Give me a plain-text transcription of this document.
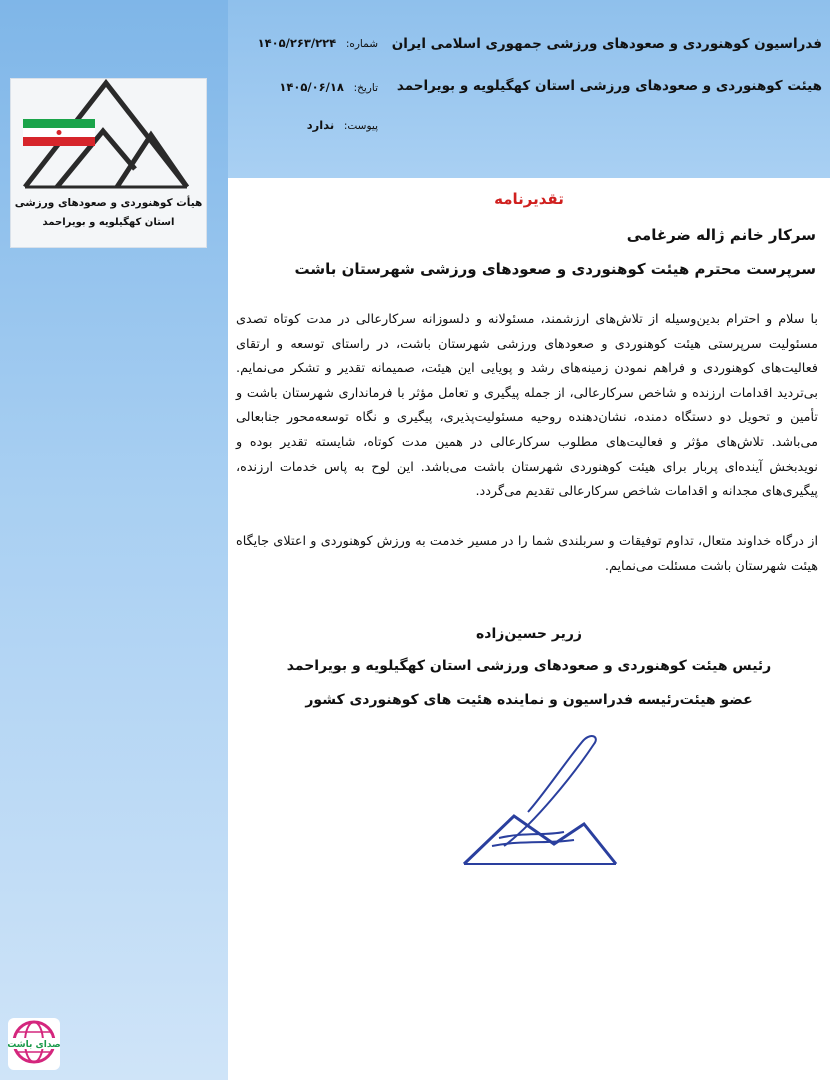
هیأت کوهنوردی و صعودهای ورزشی
استان کهگیلویه و بویراحمد
صدای باشت
فدراسیون کوهنوردی و صعودهای ورزشی جمهوری اسلامی ایران
هیئت کوهنوردی و صعودهای ورزشی استان کهگیلویه و بویراحمد
شماره: ۱۴۰۵/۲۶۳/۲۲۴
تاریخ: ۱۴۰۵/۰۶/۱۸
پیوست: ندارد
تقدیرنامه
سرکار خانم ژاله ضرغامی
سرپرست محترم هیئت کوهنوردی و صعودهای ورزشی شهرستان باشت
با سلام و احترام بدین‌وسیله از تلاش‌های ارزشمند، مسئولانه و دلسوزانه سرکارعالی در مدت کوتاه تصدی مسئولیت سرپرستی هیئت کوهنوردی و صعودهای ورزشی شهرستان باشت، در راستای توسعه و ارتقای فعالیت‌های کوهنوردی و فراهم نمودن زمینه‌های رشد و پویایی این هیئت، صمیمانه تقدیر و تشکر می‌نمایم. بی‌تردید اقدامات ارزنده و شاخص سرکارعالی، از جمله پیگیری و تعامل مؤثر با فرمانداری شهرستان باشت و تأمین و تحویل دو دستگاه دمنده، نشان‌دهنده روحیه مسئولیت‌پذیری، پیگیری و نگاه توسعه‌محور جنابعالی می‌باشد. تلاش‌های مؤثر و فعالیت‌های مطلوب سرکارعالی در همین مدت کوتاه، شایسته تقدیر بوده و نویدبخش آینده‌ای پربار برای هیئت کوهنوردی شهرستان باشت می‌باشد. این لوح به پاس خدمات ارزنده، پیگیری‌های مجدانه و اقدامات شاخص سرکارعالی تقدیم می‌گردد.
از درگاه خداوند متعال، تداوم توفیقات و سربلندی شما را در مسیر خدمت به ورزش کوهنوردی و اعتلای جایگاه هیئت شهرستان باشت مسئلت می‌نمایم.
زریر حسین‌زاده
رئیس هیئت کوهنوردی و صعودهای ورزشی استان کهگیلویه و بویراحمد
عضو هیئت‌رئیسه فدراسیون و نماینده هئیت های کوهنوردی کشور
